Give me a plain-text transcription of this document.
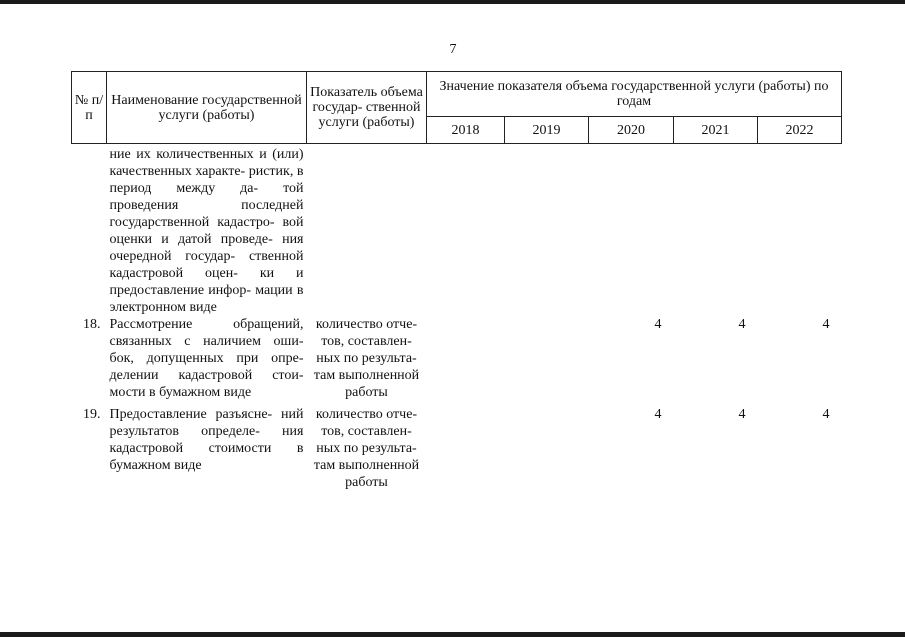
7
№ п/п	Наименование государственной услуги (работы)	Показатель объема государ- ственной услуги (работы)	Значение показателя объема государственной услуги (работы) по годам				
			2018	2019	2020	2021	2022
	ние их количественных и (или) качественных характе- ристик, в период между да- той проведения последней государственной кадастро- вой оценки и датой проведе- ния очередной государ- ственной кадастровой оцен- ки и предоставление инфор- мации в электронном виде						
18.	Рассмотрение обращений, связанных с наличием оши- бок, допущенных при опре- делении кадастровой стои- мости в бумажном виде	количество отче- тов, составлен- ных по результа- там выполненной работы			4	4	4
19.	Предоставление разъясне- ний результатов определе- ния кадастровой стоимости в бумажном виде	количество отче- тов, составлен- ных по результа- там выполненной работы			4	4	4
